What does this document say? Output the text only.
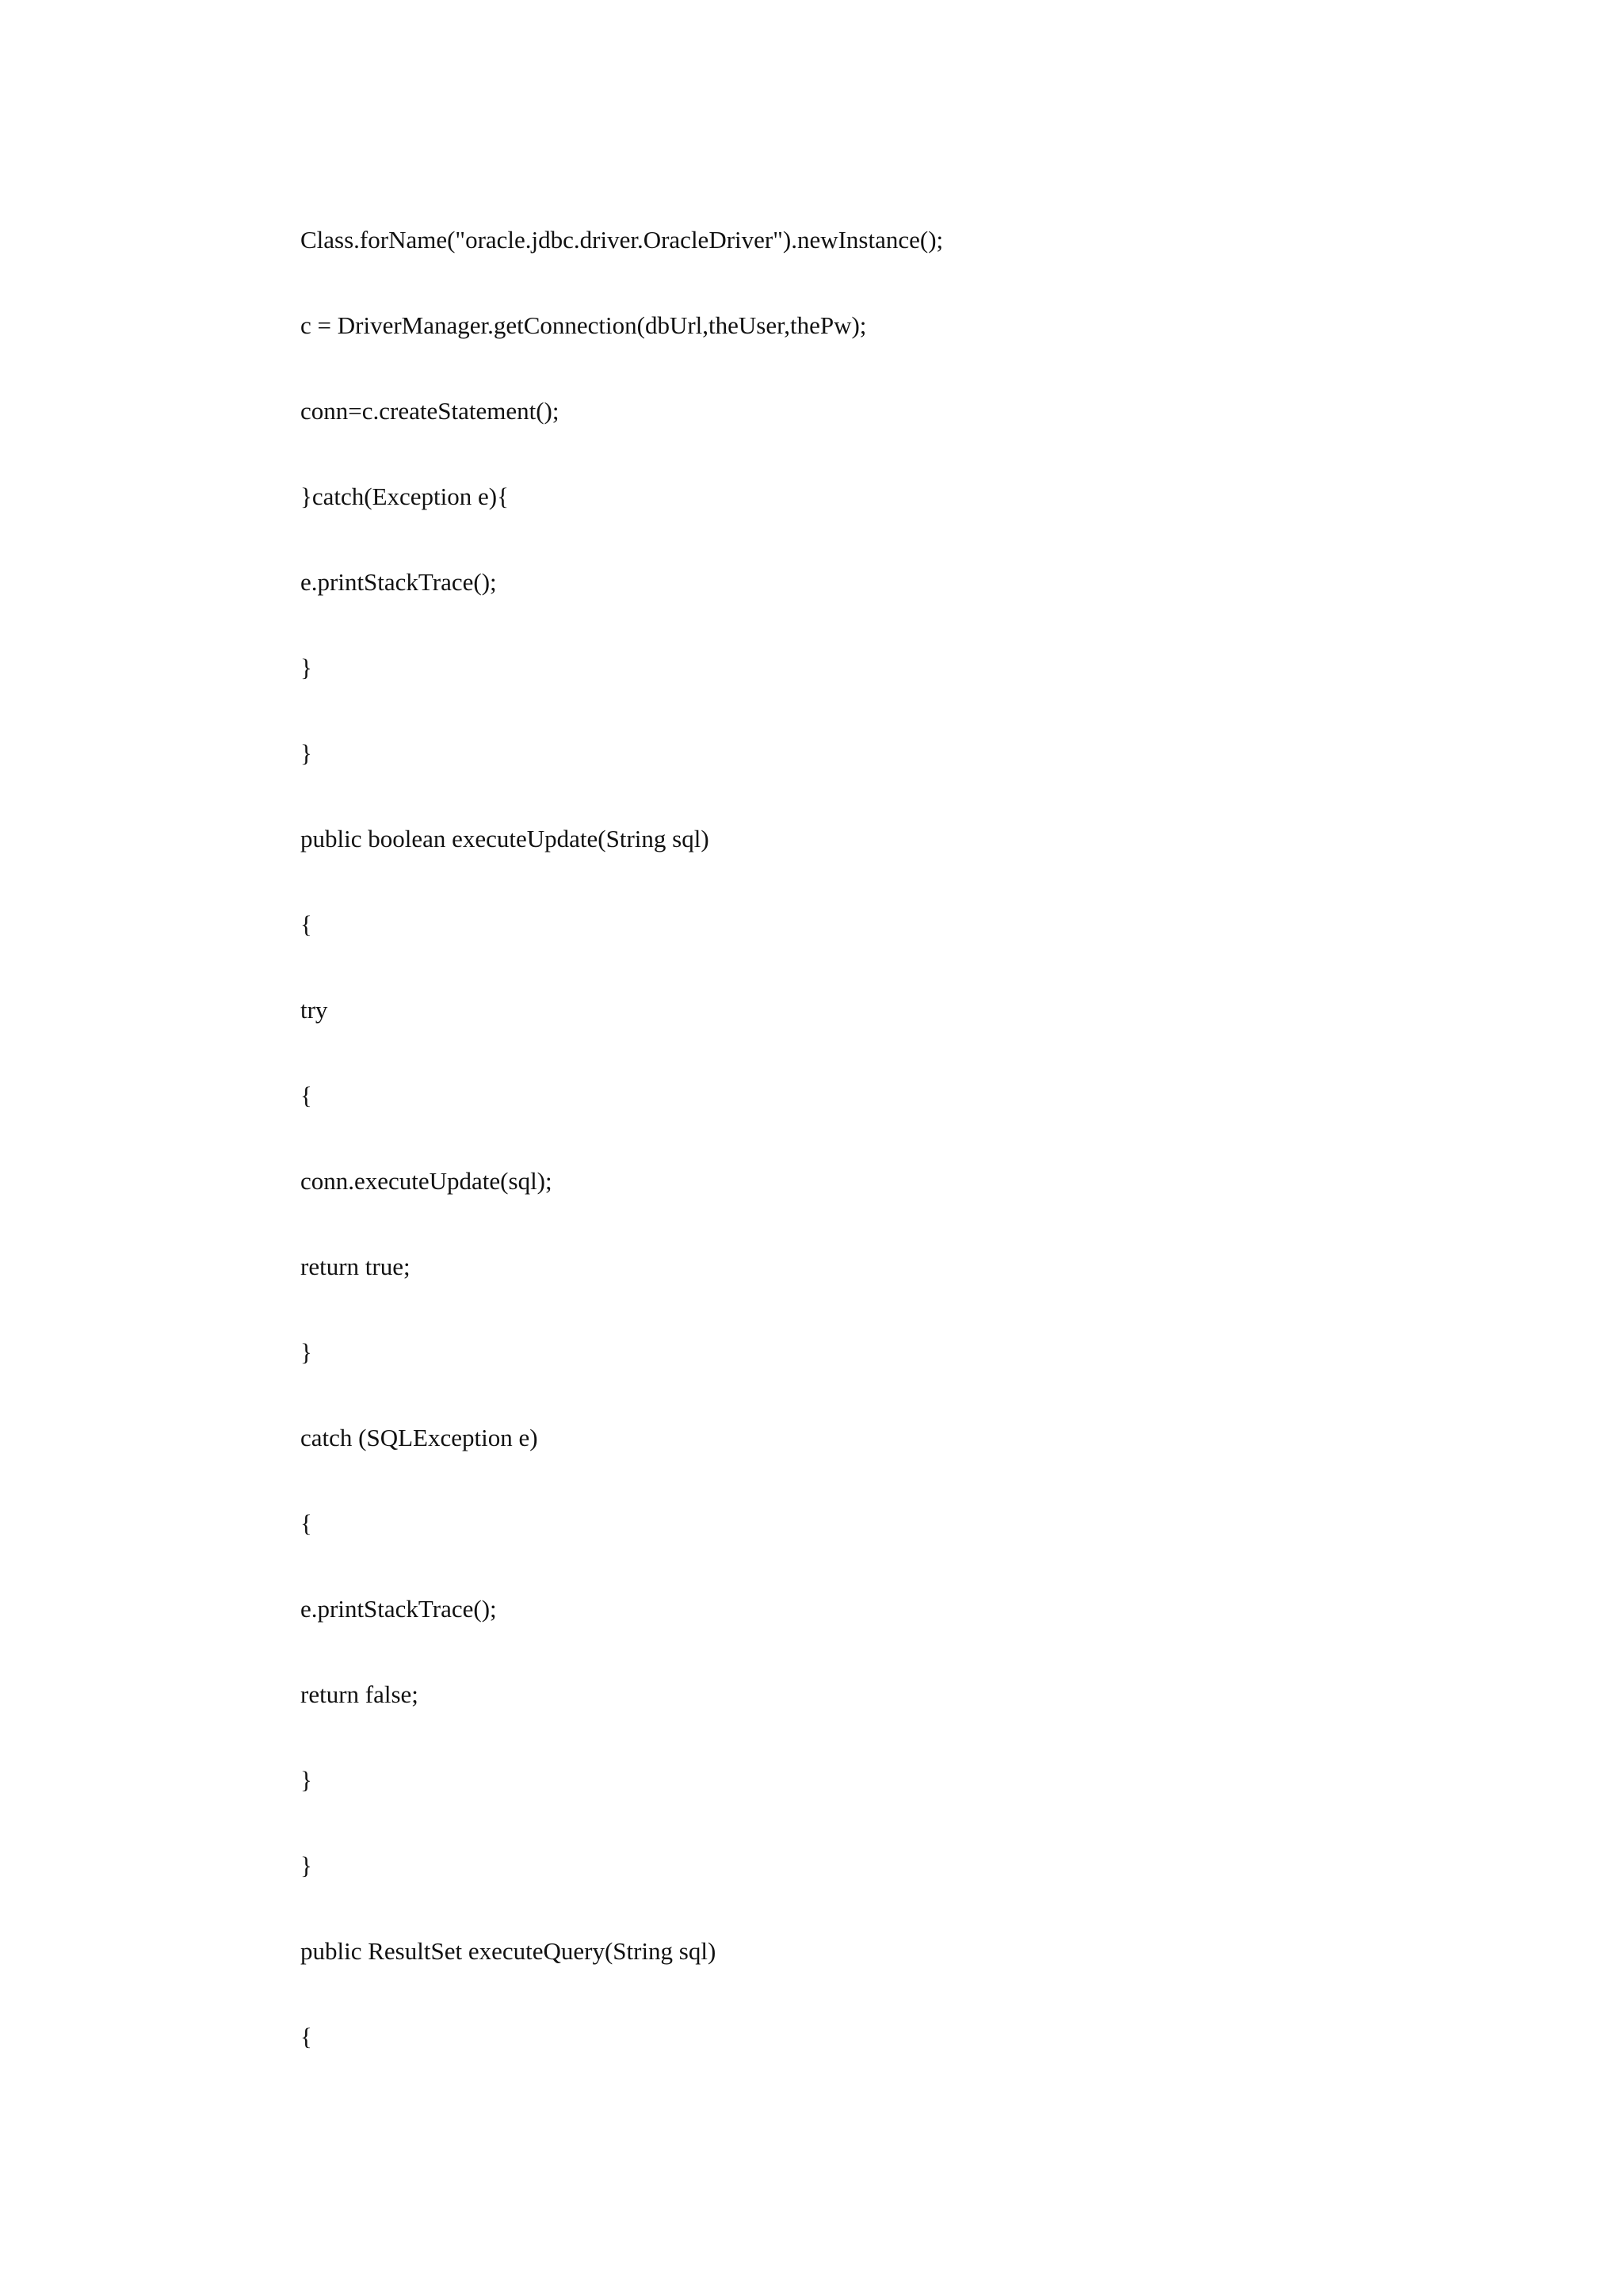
Class.forName("oracle.jdbc.driver.OracleDriver").newInstance();
c = DriverManager.getConnection(dbUrl,theUser,thePw);
conn=c.createStatement();
}catch(Exception e){
e.printStackTrace();
}
}
public boolean executeUpdate(String sql)
{
try
{
conn.executeUpdate(sql);
return true;
}
catch (SQLException e)
{
e.printStackTrace();
return false;
}
}
public ResultSet executeQuery(String sql)
{
